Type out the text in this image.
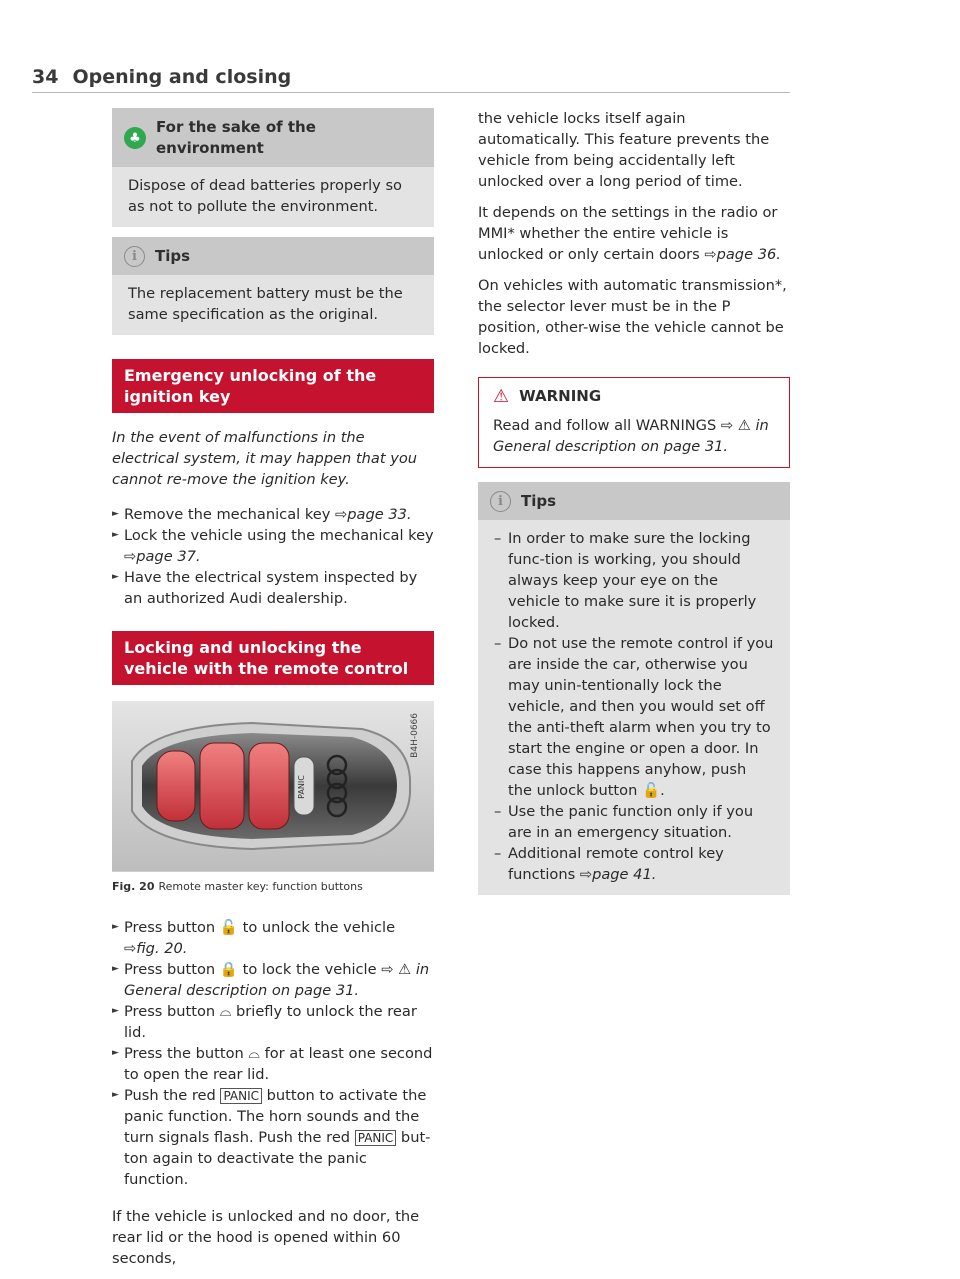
34 Opening and closing
♣
For the sake of the environment
Dispose of dead batteries properly so as not to pollute the environment.
i	Tips
The replacement battery must be the same specification as the original.
Emergency unlocking of the ignition key
In the event of malfunctions in the electrical system, it may happen that you cannot re-move the ignition key.
► Remove the mechanical key ⇨page 33.
► Lock the vehicle using the mechanical key ⇨page 37.
► Have the electrical system inspected by an authorized Audi dealership.
Locking and unlocking the vehicle with the remote control
PANIC
B4H-0666
Fig. 20 Remote master key: function buttons
► Press button 🔓 to unlock the vehicle ⇨fig. 20.
► Press button 🔒 to lock the vehicle ⇨ ⚠ in General description on page 31.
► Press button ⌓ briefly to unlock the rear lid.
► Press the button ⌓ for at least one second to open the rear lid.
► Push the red PANIC button to activate the panic function. The horn sounds and the turn signals flash. Push the red PANIC but-ton again to deactivate the panic function.

If the vehicle is unlocked and no door, the rear lid or the hood is opened within 60 seconds,

the vehicle locks itself again automatically. This feature prevents the vehicle from being accidentally left unlocked over a long period of time.

It depends on the settings in the radio or MMI* whether the entire vehicle is unlocked or only certain doors ⇨page 36.

On vehicles with automatic transmission*, the selector lever must be in the P position, other-wise the vehicle cannot be locked.

⚠ WARNING
Read and follow all WARNINGS ⇨ ⚠ in General description on page 31.
i	Tips
– In order to make sure the locking func-tion is working, you should always keep your eye on the vehicle to make sure it is properly locked.
– Do not use the remote control if you are inside the car, otherwise you may unin-tentionally lock the vehicle, and then you would set off the anti-theft alarm when you try to start the engine or open a door. In case this happens anyhow, push the unlock button 🔓.
– Use the panic function only if you are in an emergency situation.
– Additional remote control key functions ⇨page 41.
